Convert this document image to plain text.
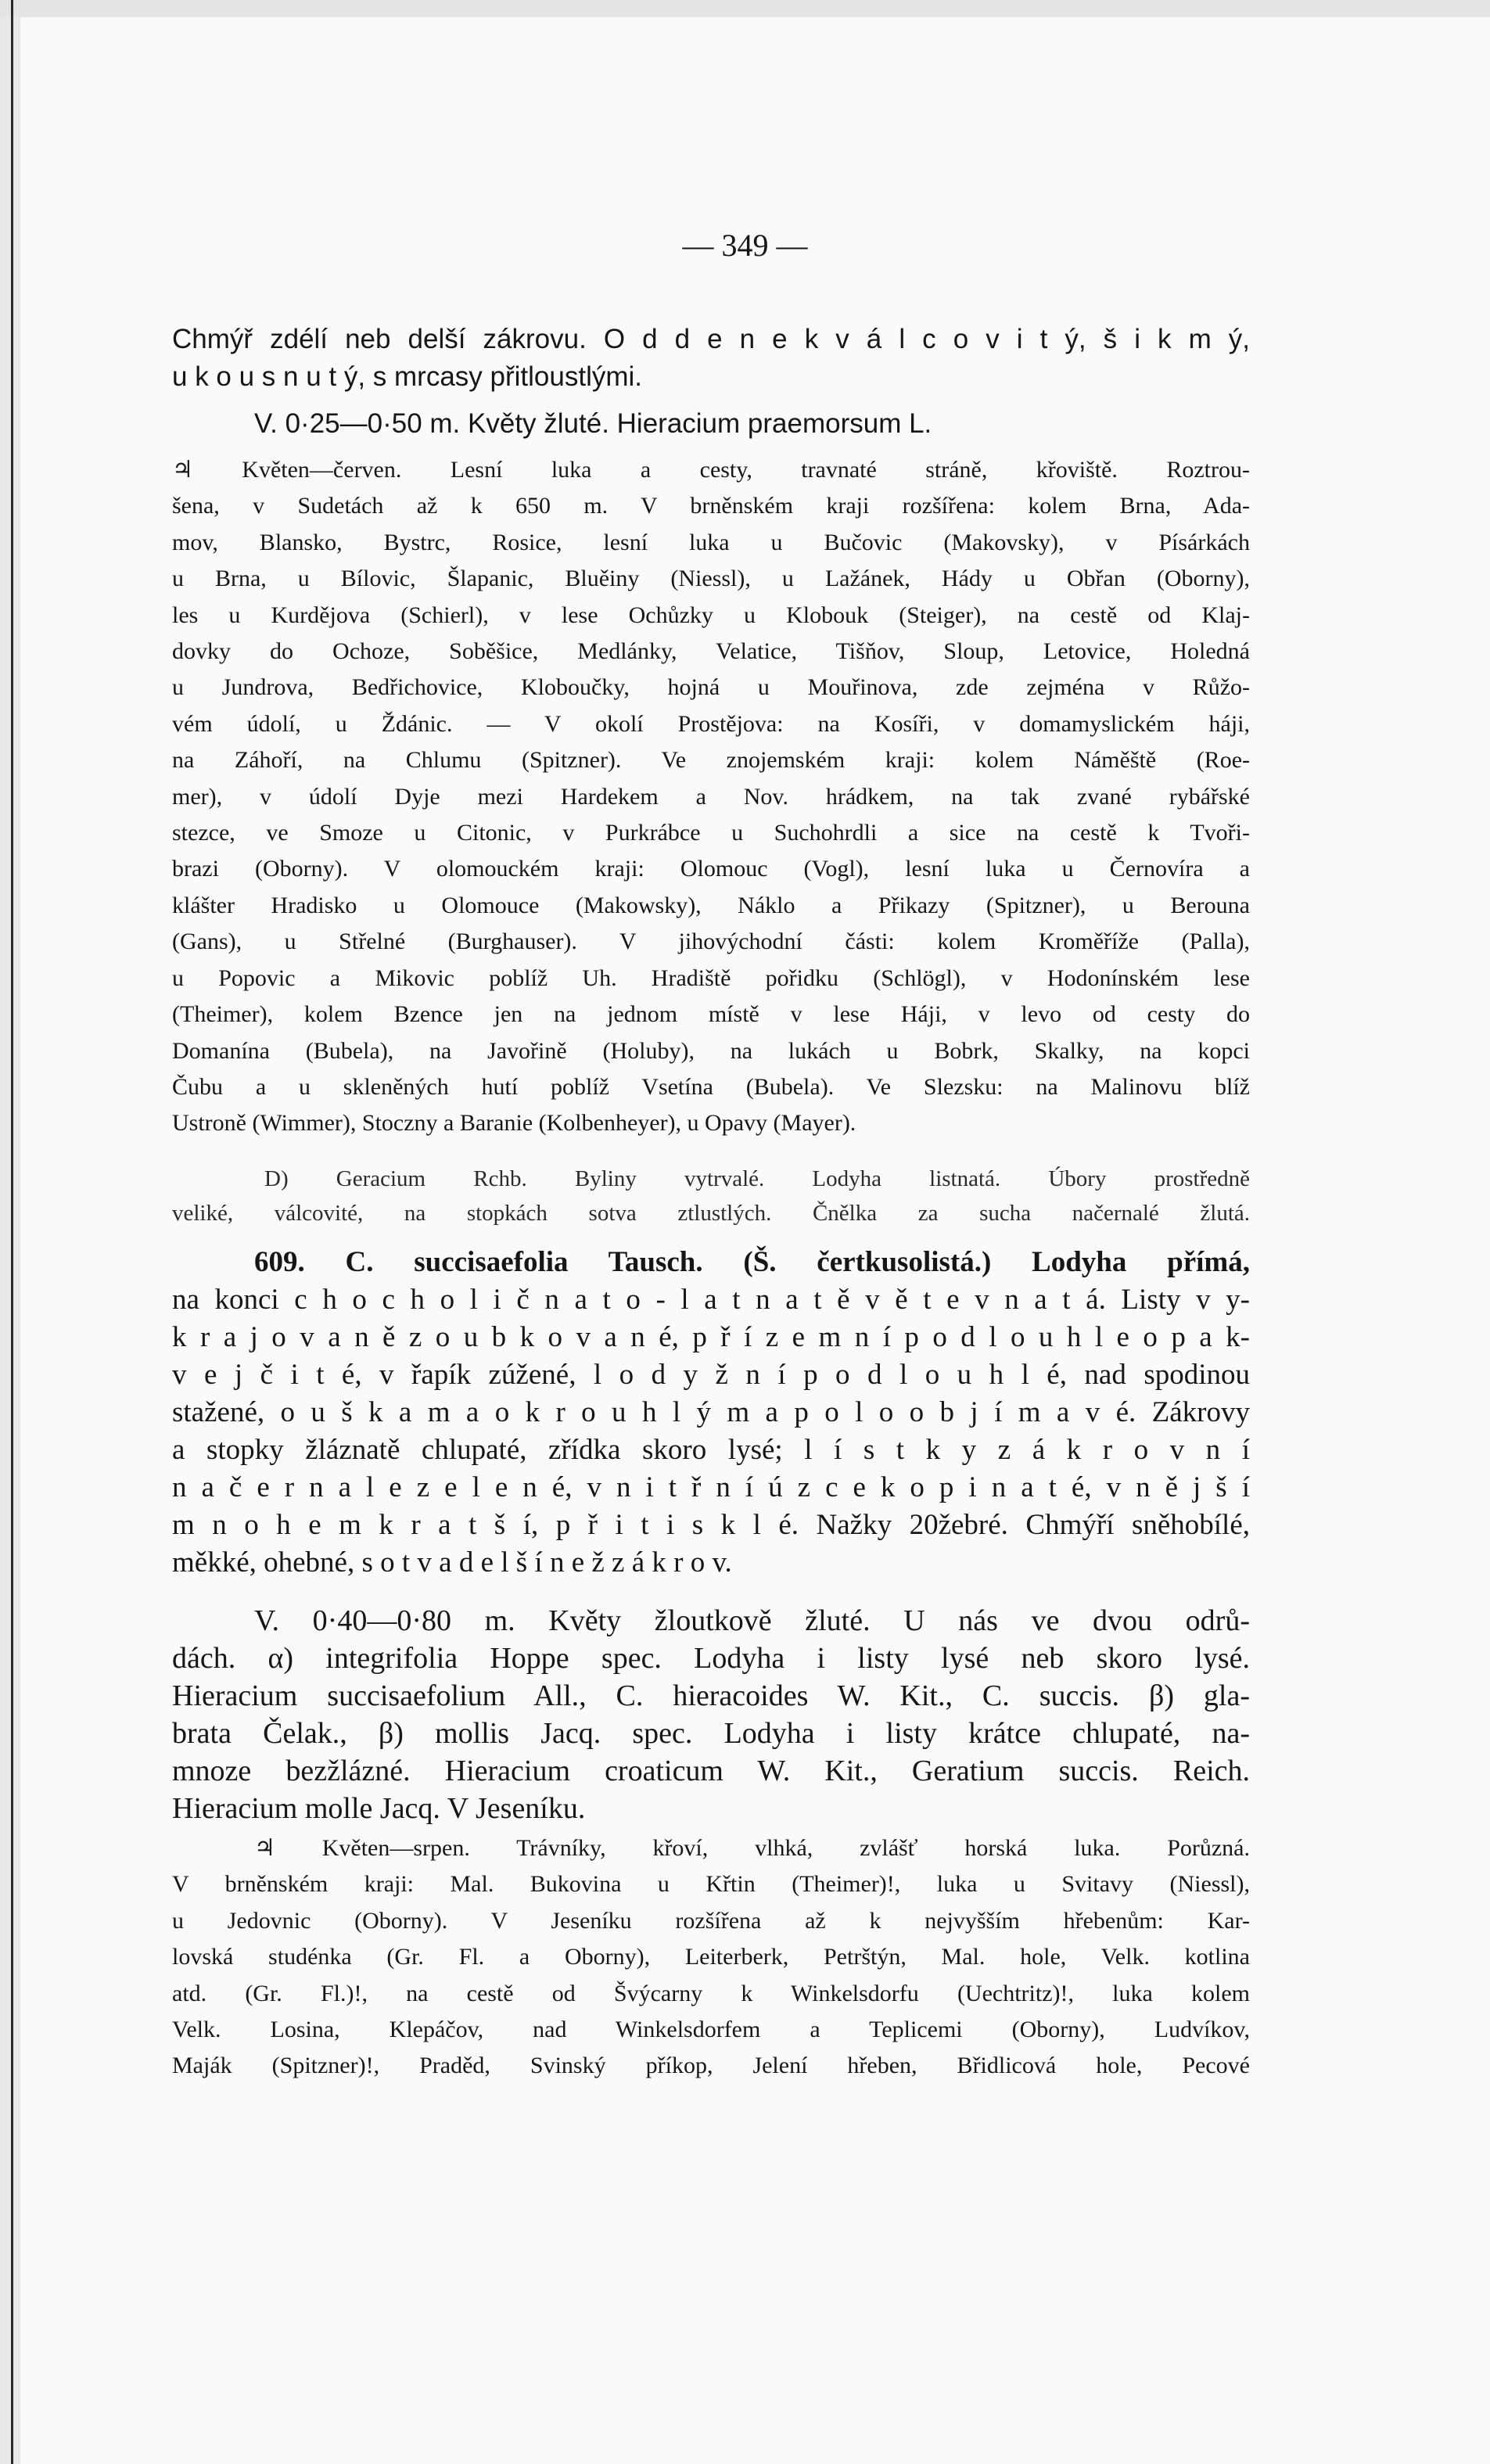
— 349 —
Chmýř zdélí neb delší zákrovu. O d d e n e k v á l c o v i t ý, š i k m ý,
u k o u s n u t ý, s mrcasy přitloustlými.
V. 0·25—0·50 m. Květy žluté. Hieracium praemorsum L.
♃ Květen—červen. Lesní luka a cesty, travnaté stráně, křoviště. Roztrou-
šena, v Sudetách až k 650 m. V brněnském kraji rozšířena: kolem Brna, Ada-
mov, Blansko, Bystrc, Rosice, lesní luka u Bučovic (Makovsky), v Písárkách
u Brna, u Bílovic, Šlapanic, Bluěiny (Niessl), u Lažánek, Hády u Obřan (Oborny),
les u Kurdějova (Schierl), v lese Ochůzky u Klobouk (Steiger), na cestě od Klaj-
dovky do Ochoze, Soběšice, Medlánky, Velatice, Tišňov, Sloup, Letovice, Holedná
u Jundrova, Bedřichovice, Kloboučky, hojná u Mouřinova, zde zejména v Růžo-
vém údolí, u Ždánic. — V okolí Prostějova: na Kosíři, v domamyslickém háji,
na Záhoří, na Chlumu (Spitzner). Ve znojemském kraji: kolem Náměště (Roe-
mer), v údolí Dyje mezi Hardekem a Nov. hrádkem, na tak zvané rybářské
stezce, ve Smoze u Citonic, v Purkrábce u Suchohrdli a sice na cestě k Tvoři-
brazi (Oborny). V olomouckém kraji: Olomouc (Vogl), lesní luka u Černovíra a
klášter Hradisko u Olomouce (Makowsky), Náklo a Přikazy (Spitzner), u Berouna
(Gans), u Střelné (Burghauser). V jihovýchodní části: kolem Kroměříže (Palla),
u Popovic a Mikovic poblíž Uh. Hradiště pořidku (Schlögl), v Hodonínském lese
(Theimer), kolem Bzence jen na jednom místě v lese Háji, v levo od cesty do
Domanína (Bubela), na Javořině (Holuby), na lukách u Bobrk, Skalky, na kopci
Čubu a u skleněných hutí poblíž Vsetína (Bubela). Ve Slezsku: na Malinovu blíž
Ustroně (Wimmer), Stoczny a Baranie (Kolbenheyer), u Opavy (Mayer).
D) Geracium Rchb. Byliny vytrvalé. Lodyha listnatá. Úbory prostředně
veliké, válcovité, na stopkách sotva ztlustlých. Čnělka za sucha načernalé žlutá.
609. C. succisaefolia Tausch. (Š. čertkusolistá.) Lodyha přímá,
na konci c h o c h o l i č n a t o - l a t n a t ě v ě t e v n a t á. Listy v y-
k r a j o v a n ě z o u b k o v a n é, p ř í z e m n í p o d l o u h l e o p a k-
v e j č i t é, v řapík zúžené, l o d y ž n í p o d l o u h l é, nad spodinou
stažené, o u š k a m a o k r o u h l ý m a p o l o o b j í m a v é. Zákrovy
a stopky žláznatě chlupaté, zřídka skoro lysé; l í s t k y z á k r o v n í
n a č e r n a l e z e l e n é, v n i t ř n í ú z c e k o p i n a t é, v n ě j š í
m n o h e m k r a t š í, p ř i t i s k l é. Nažky 20žebré. Chmýří sněhobílé,
měkké, ohebné, s o t v a d e l š í n e ž z á k r o v.
V. 0·40—0·80 m. Květy žloutkově žluté. U nás ve dvou odrů-
dách. α) integrifolia Hoppe spec. Lodyha i listy lysé neb skoro lysé.
Hieracium succisaefolium All., C. hieracoides W. Kit., C. succis. β) gla-
brata Čelak., β) mollis Jacq. spec. Lodyha i listy krátce chlupaté, na-
mnoze bezžlázné. Hieracium croaticum W. Kit., Geratium succis. Reich.
Hieracium molle Jacq. V Jeseníku.
♃ Květen—srpen. Trávníky, křoví, vlhká, zvlášť horská luka. Porůzná.
V brněnském kraji: Mal. Bukovina u Křtin (Theimer)!, luka u Svitavy (Niessl),
u Jedovnic (Oborny). V Jeseníku rozšířena až k nejvyšším hřebenům: Kar-
lovská studénka (Gr. Fl. a Oborny), Leiterberk, Petrštýn, Mal. hole, Velk. kotlina
atd. (Gr. Fl.)!, na cestě od Švýcarny k Winkelsdorfu (Uechtritz)!, luka kolem
Velk. Losina, Klepáčov, nad Winkelsdorfem a Teplicemi (Oborny), Ludvíkov,
Maják (Spitzner)!, Praděd, Svinský příkop, Jelení hřeben, Břidlicová hole, Pecové
